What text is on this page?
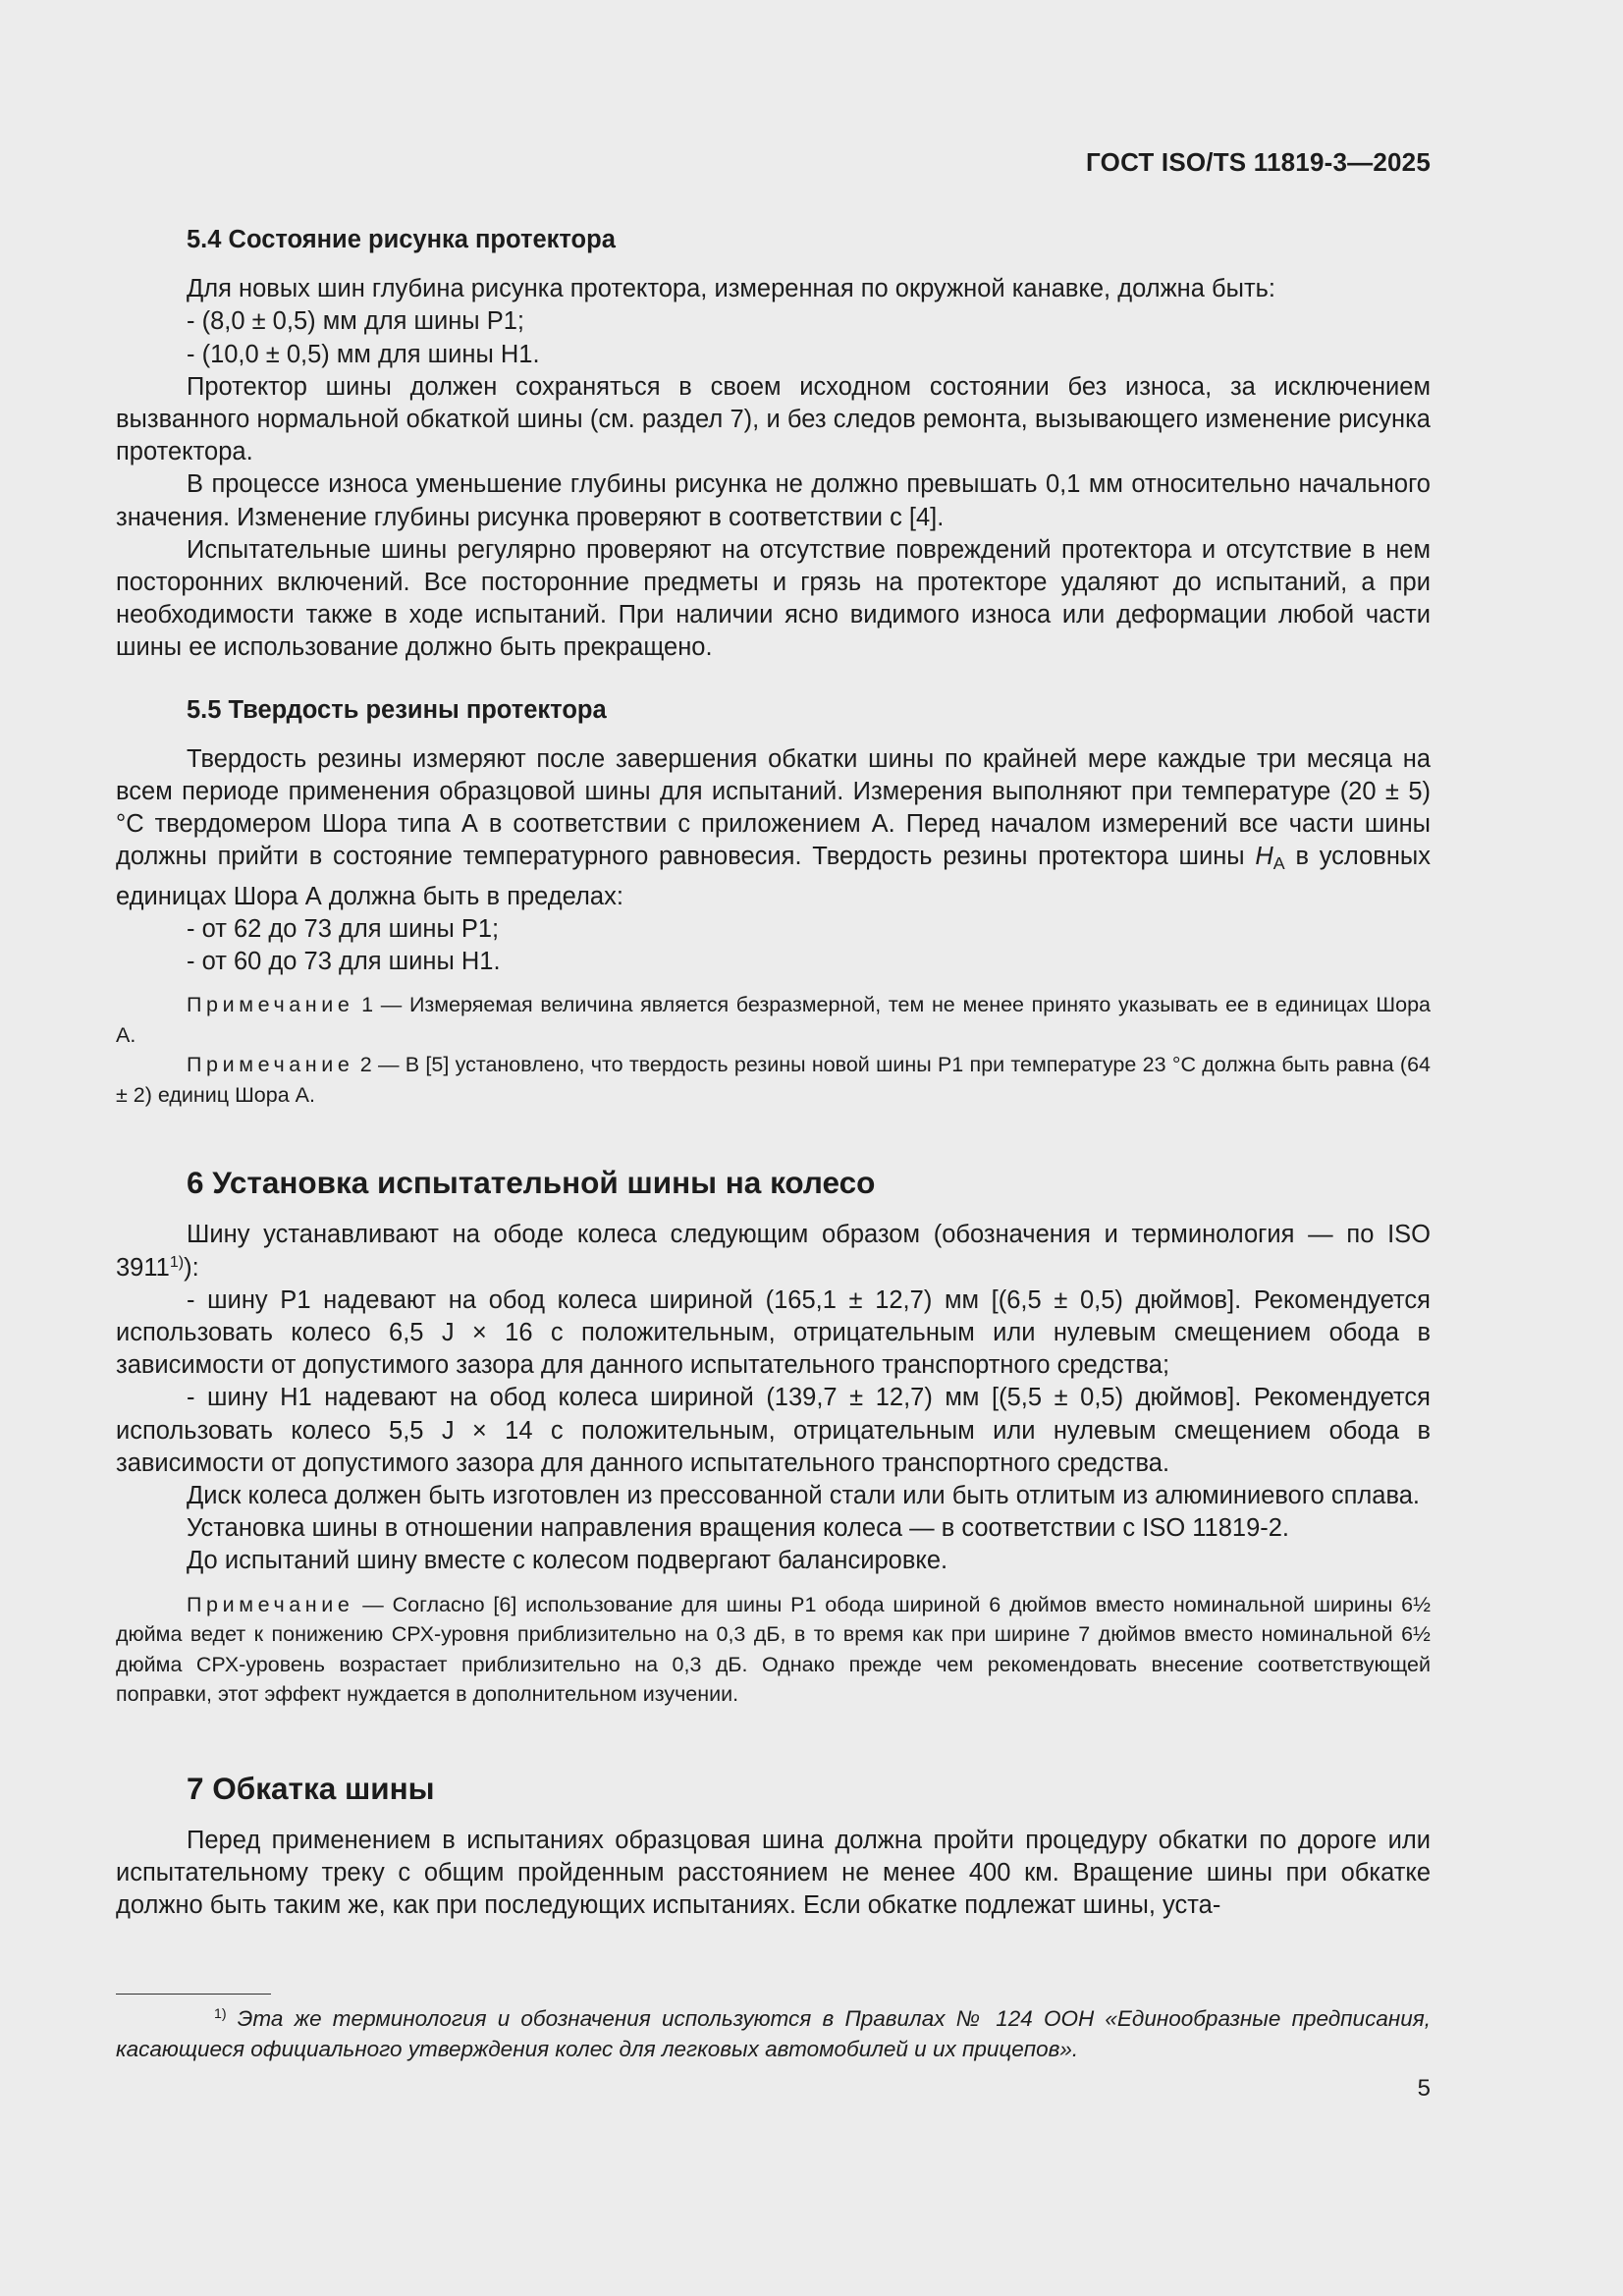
ГОСТ ISO/TS 11819-3—2025
5.4 Состояние рисунка протектора

Для новых шин глубина рисунка протектора, измеренная по окружной канавке, должна быть:

- (8,0 ± 0,5) мм для шины P1;

- (10,0 ± 0,5) мм для шины H1.

Протектор шины должен сохраняться в своем исходном состоянии без износа, за исключением вызванного нормальной обкаткой шины (см. раздел 7), и без следов ремонта, вызывающего изменение рисунка протектора.

В процессе износа уменьшение глубины рисунка не должно превышать 0,1 мм относительно начального значения. Изменение глубины рисунка проверяют в соответствии с [4].

Испытательные шины регулярно проверяют на отсутствие повреждений протектора и отсутствие в нем посторонних включений. Все посторонние предметы и грязь на протекторе удаляют до испытаний, а при необходимости также в ходе испытаний. При наличии ясно видимого износа или деформации любой части шины ее использование должно быть прекращено.

5.5 Твердость резины протектора

Твердость резины измеряют после завершения обкатки шины по крайней мере каждые три месяца на всем периоде применения образцовой шины для испытаний. Измерения выполняют при температуре (20 ± 5) °C твердомером Шора типа А в соответствии с приложением А. Перед началом измерений все части шины должны прийти в состояние температурного равновесия. Твердость резины протектора шины $H_A$ в условных единицах Шора А должна быть в пределах:

- от 62 до 73 для шины P1;

- от 60 до 73 для шины H1.

Примечание 1 — Измеряемая величина является безразмерной, тем не менее принято указывать ее в единицах Шора А.

Примечание 2 — В [5] установлено, что твердость резины новой шины P1 при температуре 23 °C должна быть равна (64 ± 2) единиц Шора А.

6 Установка испытательной шины на колесо

Шину устанавливают на ободе колеса следующим образом (обозначения и терминология — по ISO 3911$^{1)}$):

- шину P1 надевают на обод колеса шириной (165,1 ± 12,7) мм [(6,5 ± 0,5) дюймов]. Рекомендуется использовать колесо 6,5 J × 16 с положительным, отрицательным или нулевым смещением обода в зависимости от допустимого зазора для данного испытательного транспортного средства;

- шину H1 надевают на обод колеса шириной (139,7 ± 12,7) мм [(5,5 ± 0,5) дюймов]. Рекомендуется использовать колесо 5,5 J × 14 с положительным, отрицательным или нулевым смещением обода в зависимости от допустимого зазора для данного испытательного транспортного средства.

Диск колеса должен быть изготовлен из прессованной стали или быть отлитым из алюминиевого сплава.

Установка шины в отношении направления вращения колеса — в соответствии с ISO 11819-2.

До испытаний шину вместе с колесом подвергают балансировке.

Примечание — Согласно [6] использование для шины P1 обода шириной 6 дюймов вместо номинальной ширины 6½ дюйма ведет к понижению СРХ-уровня приблизительно на 0,3 дБ, в то время как при ширине 7 дюймов вместо номинальной 6½ дюйма СРХ-уровень возрастает приблизительно на 0,3 дБ. Однако прежде чем рекомендовать внесение соответствующей поправки, этот эффект нуждается в дополнительном изучении.

7 Обкатка шины

Перед применением в испытаниях образцовая шина должна пройти процедуру обкатки по дороге или испытательному треку с общим пройденным расстоянием не менее 400 км. Вращение шины при обкатке должно быть таким же, как при последующих испытаниях. Если обкатке подлежат шины, уста-

$^{1)}$ Эта же терминология и обозначения используются в Правилах № 124 ООН «Единообразные предписания, касающиеся официального утверждения колес для легковых автомобилей и их прицепов».
5
